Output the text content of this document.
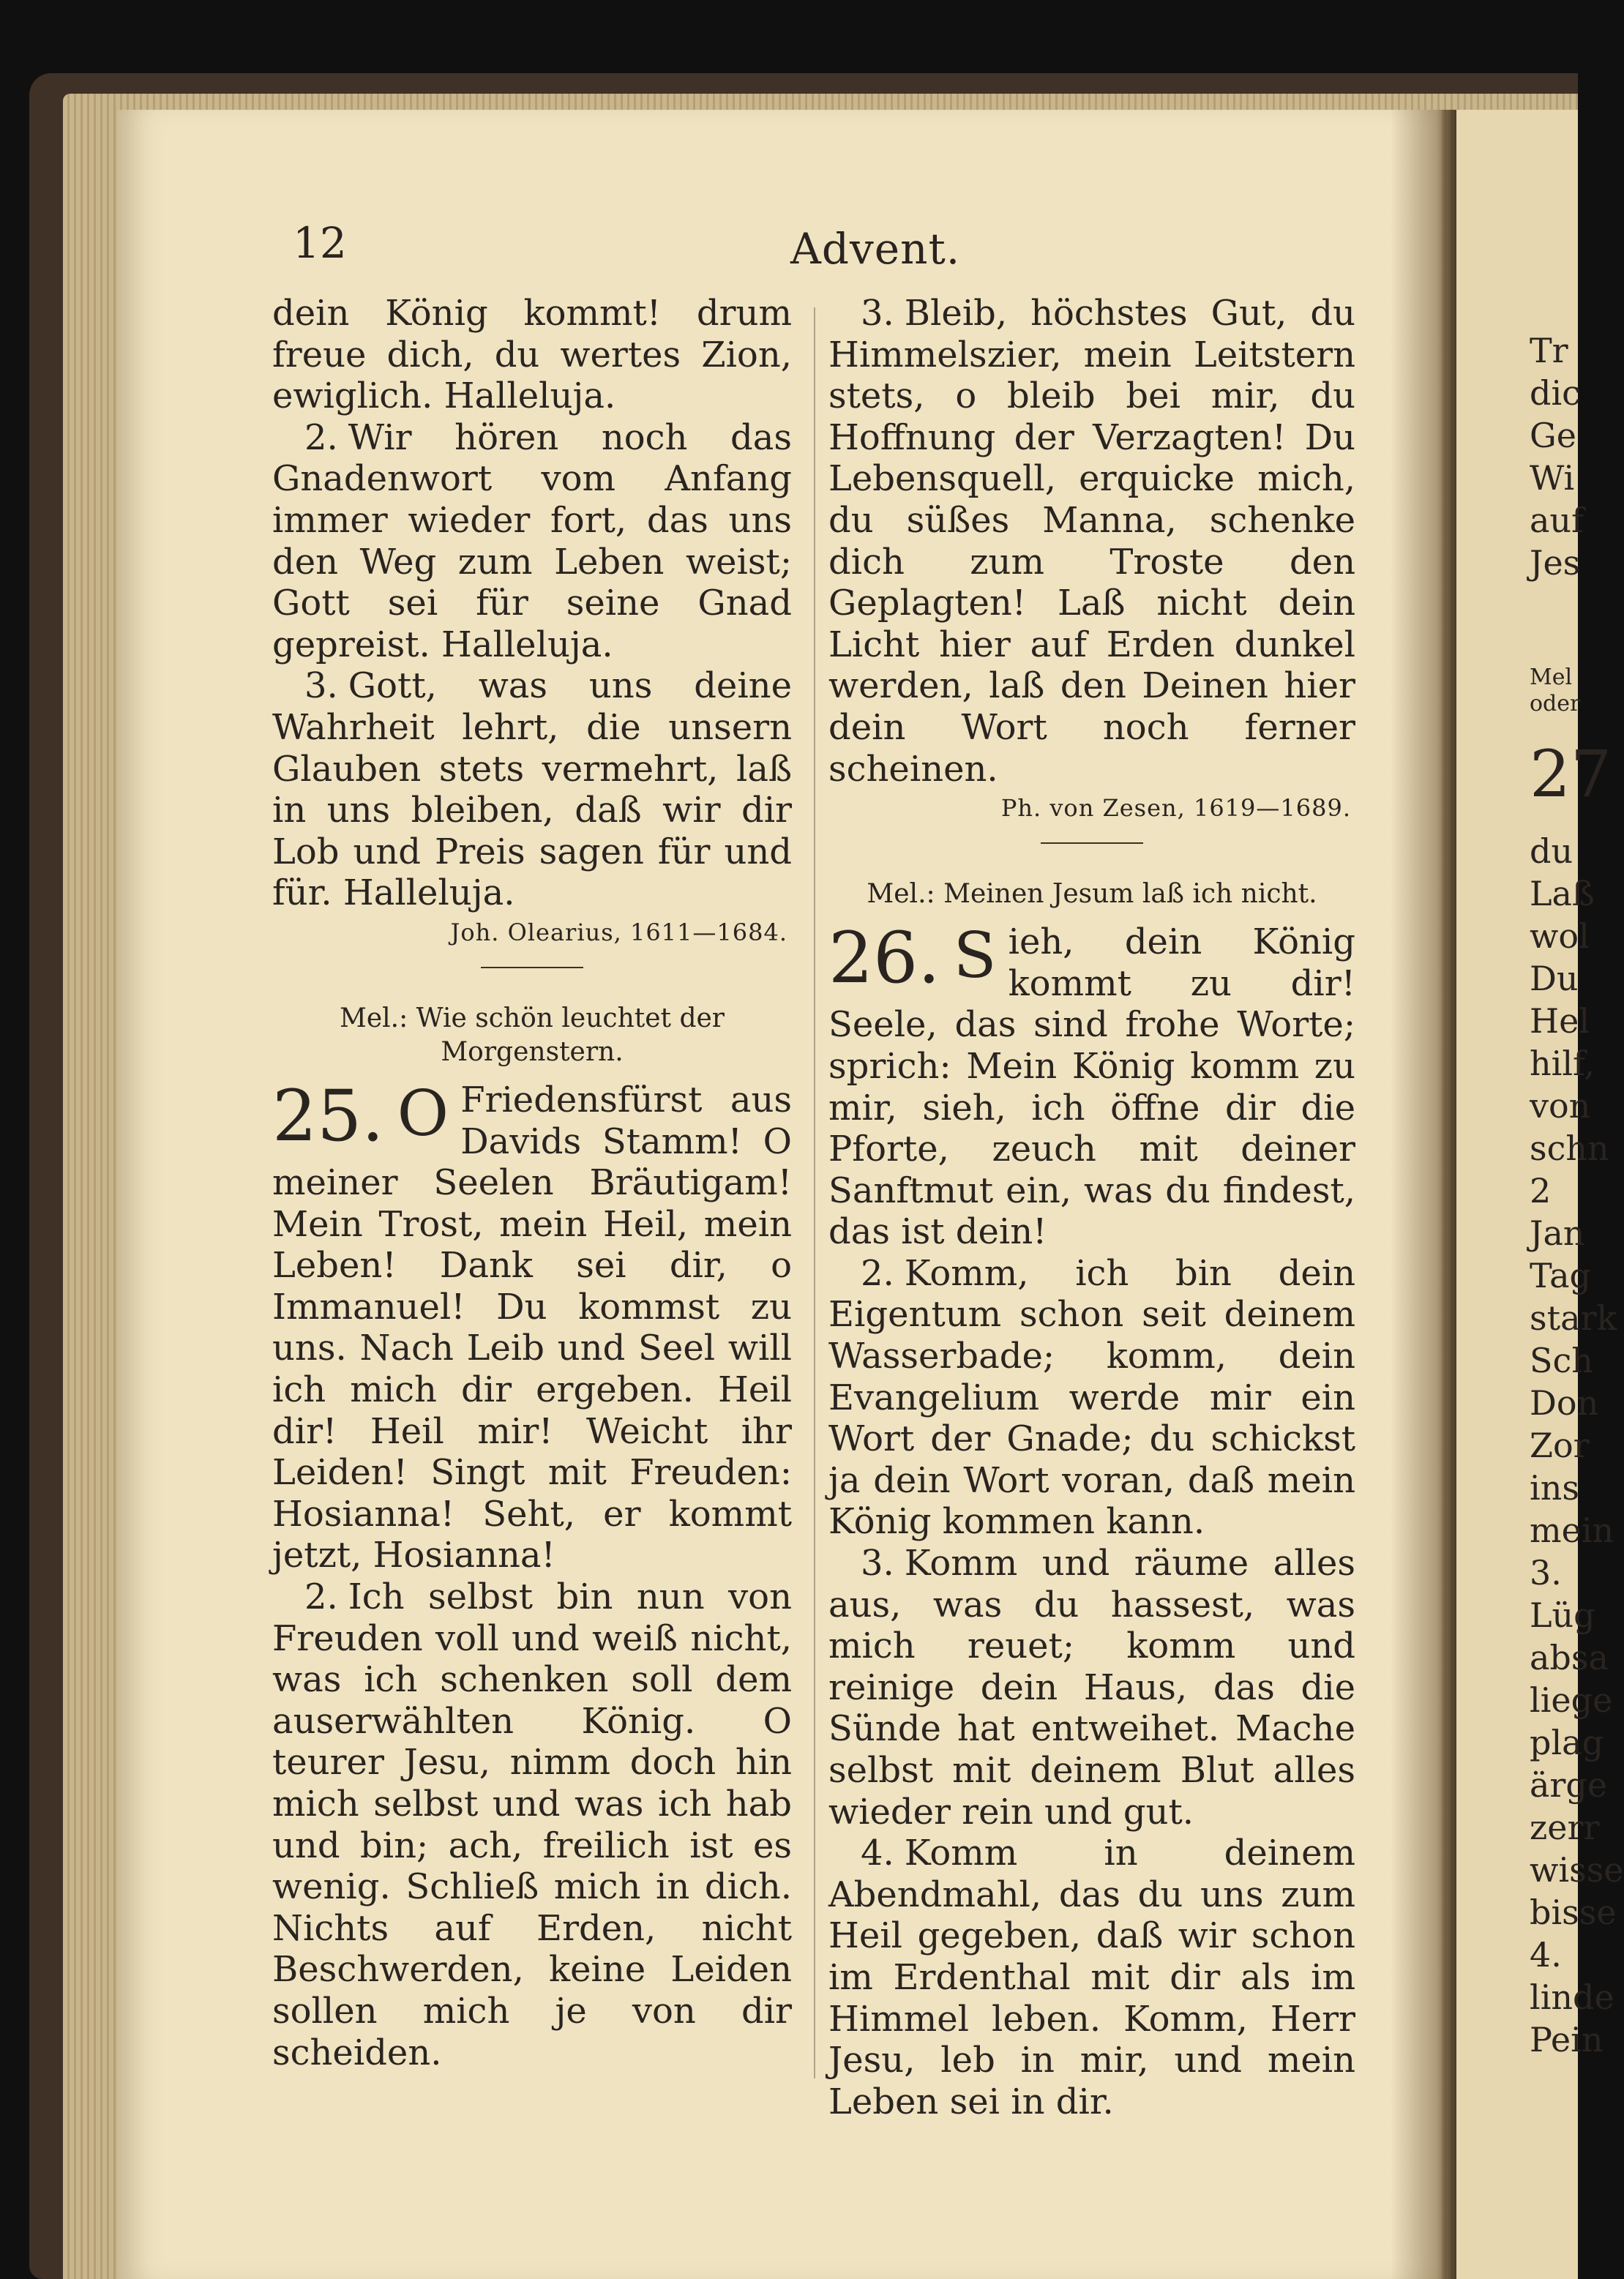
Tr
dic
Ge
Wi
auf
Jes
Mel
oder
27
du
Laß
wol
Du
Hel
hilf,
von
schn
2
Jan
Tag
stark
Sch
Don
Zor
ins
mein
3.
Lüg
absa
liege
plag
ärge
zerr
wisse
bisse
4.
linde
Pein
12	Advent.

dein König kommt! drum freue dich, du wertes Zion, ewiglich. Halleluja.

2. Wir hören noch das Gnadenwort vom Anfang immer wieder fort, das uns den Weg zum Leben weist; Gott sei für seine Gnad gepreist. Halleluja.

3. Gott, was uns deine Wahrheit lehrt, die unsern Glauben stets vermehrt, laß in uns bleiben, daß wir dir Lob und Preis sagen für und für. Halleluja.

Joh. Olearius, 1611—1684.

Mel.: Wie schön leuchtet der Morgenstern.

25. O Friedensfürst aus Davids Stamm! O meiner Seelen Bräutigam! Mein Trost, mein Heil, mein Leben! Dank sei dir, o Immanuel! Du kommst zu uns. Nach Leib und Seel will ich mich dir ergeben. Heil dir! Heil mir! Weicht ihr Leiden! Singt mit Freuden: Hosianna! Seht, er kommt jetzt, Hosianna!

2. Ich selbst bin nun von Freuden voll und weiß nicht, was ich schenken soll dem auserwählten König. O teurer Jesu, nimm doch hin mich selbst und was ich hab und bin; ach, freilich ist es wenig. Schließ mich in dich. Nichts auf Erden, nicht Beschwerden, keine Leiden sollen mich je von dir scheiden.

3. Bleib, höchstes Gut, du Himmelszier, mein Leitstern stets, o bleib bei mir, du Hoffnung der Verzagten! Du Lebensquell, erquicke mich, du süßes Manna, schenke dich zum Troste den Geplagten! Laß nicht dein Licht hier auf Erden dunkel werden, laß den Deinen hier dein Wort noch ferner scheinen.

Ph. von Zesen, 1619—1689.

Mel.: Meinen Jesum laß ich nicht.

26. S ieh, dein König kommt zu dir! Seele, das sind frohe Worte; sprich: Mein König komm zu mir, sieh, ich öffne dir die Pforte, zeuch mit deiner Sanftmut ein, was du findest, das ist dein!

2. Komm, ich bin dein Eigentum schon seit deinem Wasserbade; komm, dein Evangelium werde mir ein Wort der Gnade; du schickst ja dein Wort voran, daß mein König kommen kann.

3. Komm und räume alles aus, was du hassest, was mich reuet; komm und reinige dein Haus, das die Sünde hat entweihet. Mache selbst mit deinem Blut alles wieder rein und gut.

4. Komm in deinem Abendmahl, das du uns zum Heil gegeben, daß wir schon im Erdenthal mit dir als im Himmel leben. Komm, Herr Jesu, leb in mir, und mein Leben sei in dir.
